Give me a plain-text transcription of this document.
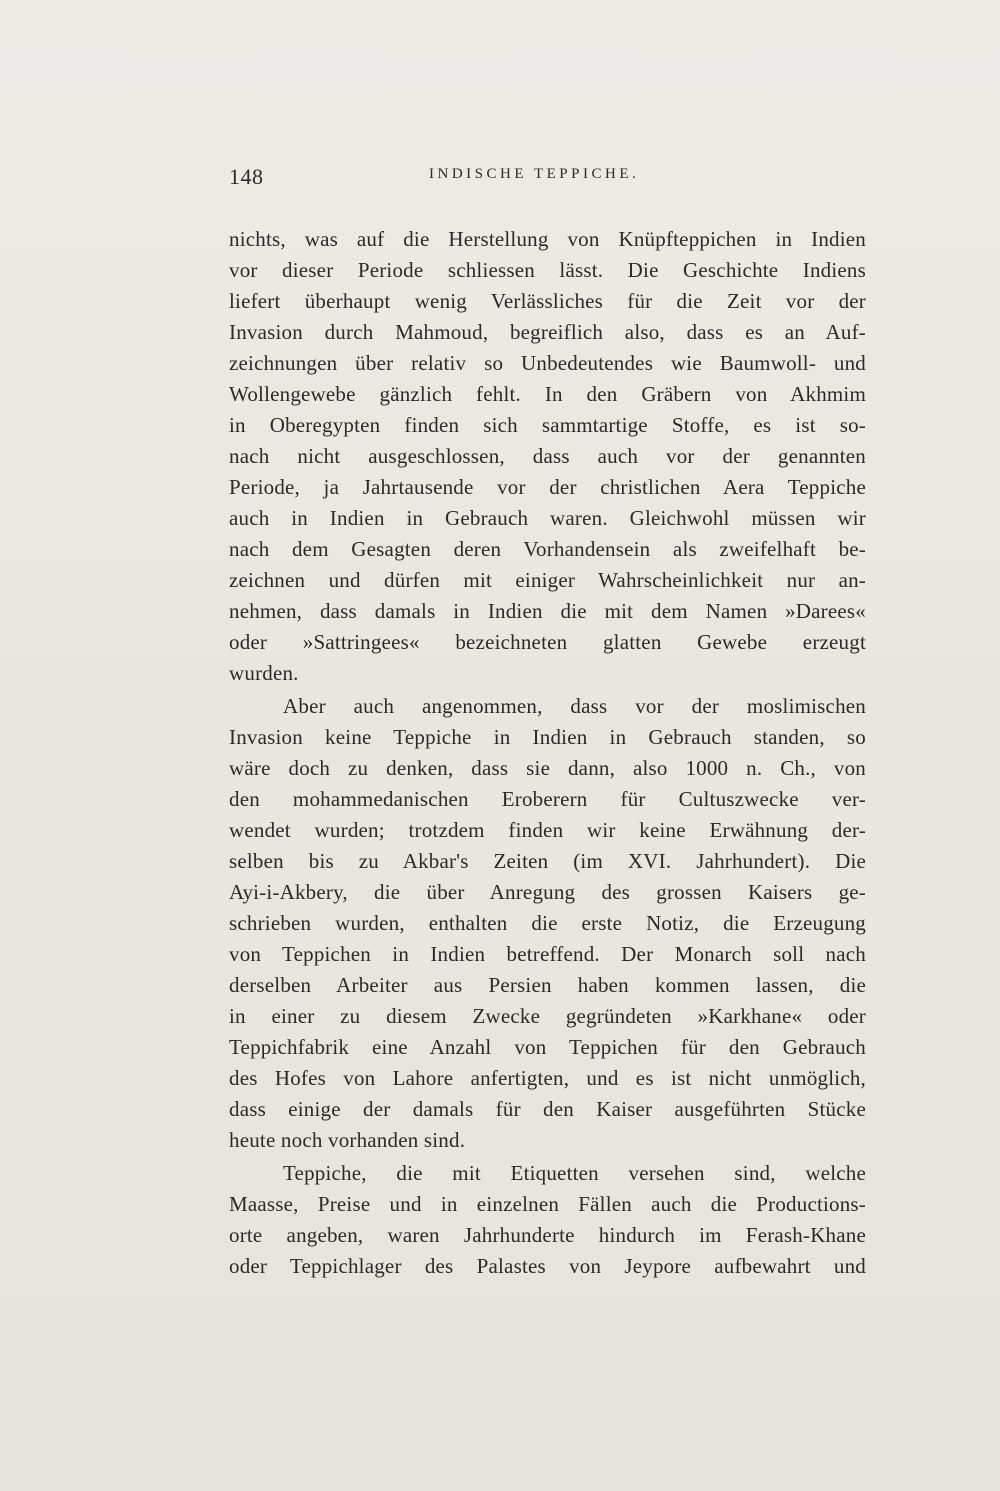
148	INDISCHE TEPPICHE.
nichts, was auf die Herstellung von Knüpfteppichen in Indien
vor dieser Periode schliessen lässt. Die Geschichte Indiens
liefert überhaupt wenig Verlässliches für die Zeit vor der
Invasion durch Mahmoud, begreiflich also, dass es an Auf-
zeichnungen über relativ so Unbedeutendes wie Baumwoll- und
Wollengewebe gänzlich fehlt. In den Gräbern von Akhmim
in Oberegypten finden sich sammtartige Stoffe, es ist so-
nach nicht ausgeschlossen, dass auch vor der genannten
Periode, ja Jahrtausende vor der christlichen Aera Teppiche
auch in Indien in Gebrauch waren. Gleichwohl müssen wir
nach dem Gesagten deren Vorhandensein als zweifelhaft be-
zeichnen und dürfen mit einiger Wahrscheinlichkeit nur an-
nehmen, dass damals in Indien die mit dem Namen »Darees«
oder »Sattringees« bezeichneten glatten Gewebe erzeugt
wurden.
Aber auch angenommen, dass vor der moslimischen
Invasion keine Teppiche in Indien in Gebrauch standen, so
wäre doch zu denken, dass sie dann, also 1000 n. Ch., von
den mohammedanischen Eroberern für Cultuszwecke ver-
wendet wurden; trotzdem finden wir keine Erwähnung der-
selben bis zu Akbar's Zeiten (im XVI. Jahrhundert). Die
Ayi-i-Akbery, die über Anregung des grossen Kaisers ge-
schrieben wurden, enthalten die erste Notiz, die Erzeugung
von Teppichen in Indien betreffend. Der Monarch soll nach
derselben Arbeiter aus Persien haben kommen lassen, die
in einer zu diesem Zwecke gegründeten »Karkhane« oder
Teppichfabrik eine Anzahl von Teppichen für den Gebrauch
des Hofes von Lahore anfertigten, und es ist nicht unmöglich,
dass einige der damals für den Kaiser ausgeführten Stücke
heute noch vorhanden sind.
Teppiche, die mit Etiquetten versehen sind, welche
Maasse, Preise und in einzelnen Fällen auch die Productions-
orte angeben, waren Jahrhunderte hindurch im Ferash-Khane
oder Teppichlager des Palastes von Jeypore aufbewahrt und
